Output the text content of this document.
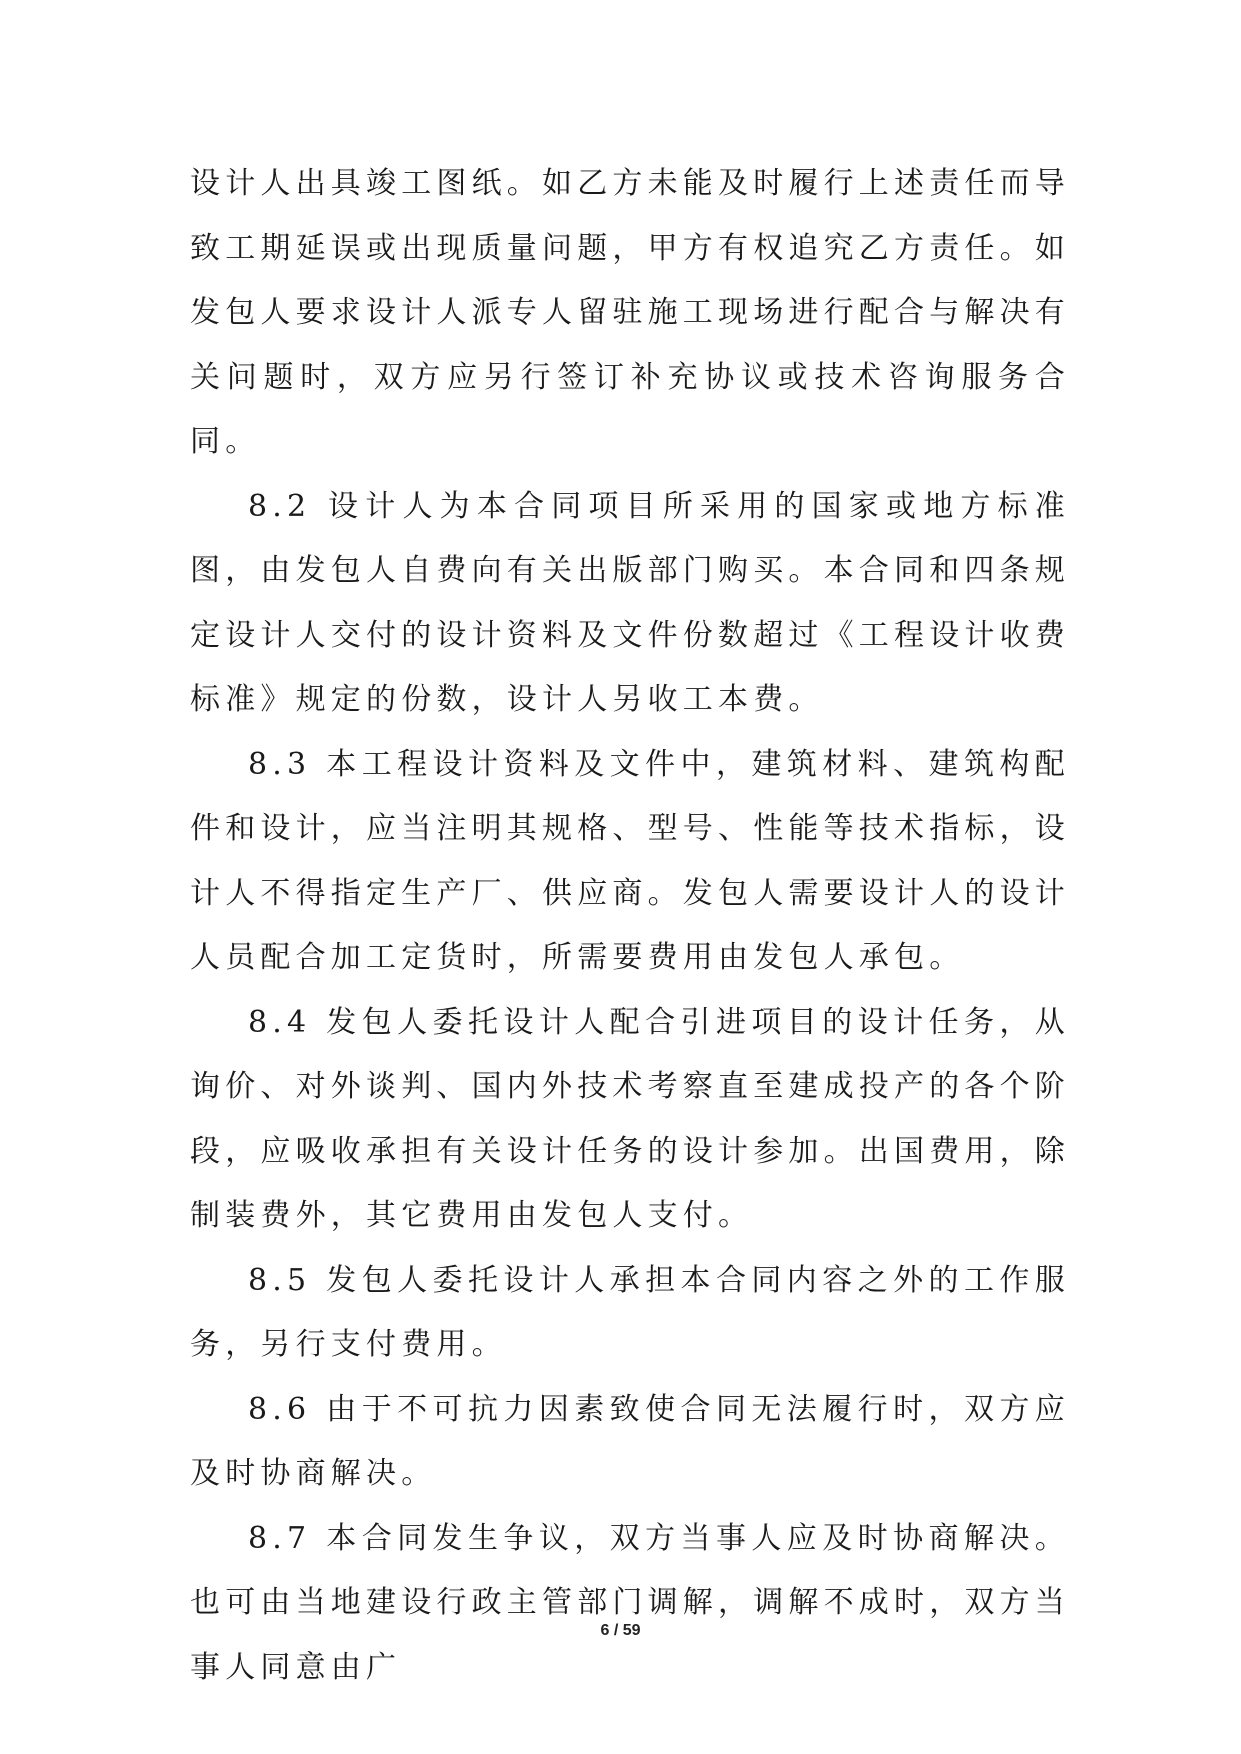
设计人出具竣工图纸。如乙方未能及时履行上述责任而导致工期延误或出现质量问题，甲方有权追究乙方责任。如发包人要求设计人派专人留驻施工现场进行配合与解决有关问题时，双方应另行签订补充协议或技术咨询服务合同。

8.2 设计人为本合同项目所采用的国家或地方标准图，由发包人自费向有关出版部门购买。本合同和四条规定设计人交付的设计资料及文件份数超过《工程设计收费标准》规定的份数，设计人另收工本费。

8.3 本工程设计资料及文件中，建筑材料、建筑构配件和设计，应当注明其规格、型号、性能等技术指标，设计人不得指定生产厂、供应商。发包人需要设计人的设计人员配合加工定货时，所需要费用由发包人承包。

8.4 发包人委托设计人配合引进项目的设计任务，从询价、对外谈判、国内外技术考察直至建成投产的各个阶段，应吸收承担有关设计任务的设计参加。出国费用，除制装费外，其它费用由发包人支付。

8.5 发包人委托设计人承担本合同内容之外的工作服务，另行支付费用。

8.6 由于不可抗力因素致使合同无法履行时，双方应及时协商解决。

8.7 本合同发生争议，双方当事人应及时协商解决。也可由当地建设行政主管部门调解，调解不成时，双方当事人同意由广

6 / 59
